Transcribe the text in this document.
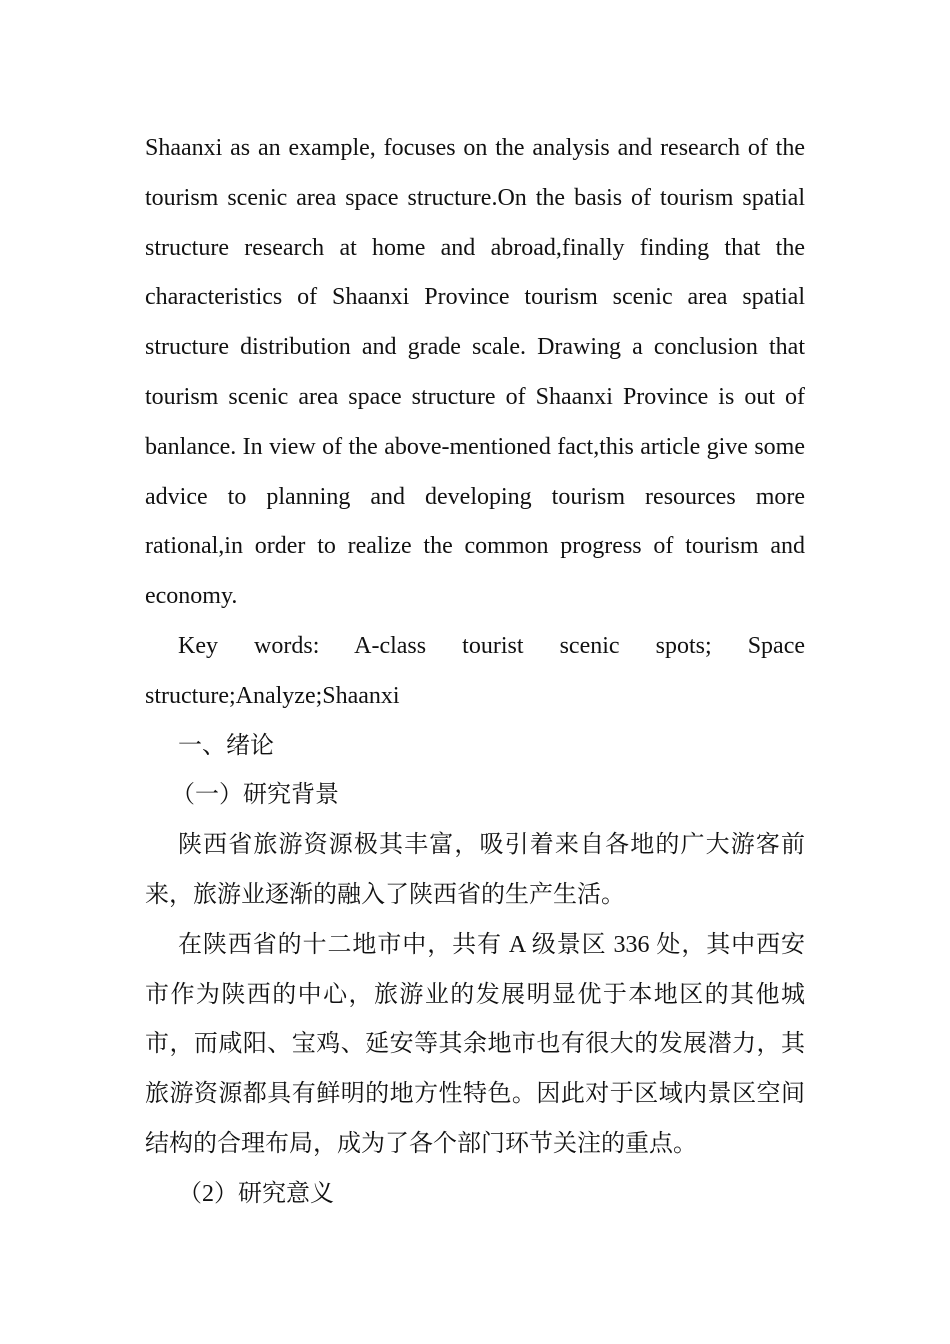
Shaanxi as an example, focuses on the analysis and research of the tourism scenic area space structure.On the basis of tourism spatial structure research at home and abroad,finally finding that the characteristics of Shaanxi Province tourism scenic area spatial structure distribution and grade scale. Drawing a conclusion that tourism scenic area space structure of Shaanxi Province is out of banlance. In view of the above-mentioned fact,this article give some advice to planning and developing tourism resources more rational,in order to realize the common progress of tourism and economy.

Key words: A-class tourist scenic spots; Space structure;Analyze;Shaanxi

一、绪论

（一）研究背景

陕西省旅游资源极其丰富，吸引着来自各地的广大游客前来，旅游业逐渐的融入了陕西省的生产生活。

在陕西省的十二地市中，共有 A 级景区 336 处，其中西安市作为陕西的中心，旅游业的发展明显优于本地区的其他城市，而咸阳、宝鸡、延安等其余地市也有很大的发展潜力，其旅游资源都具有鲜明的地方性特色。因此对于区域内景区空间结构的合理布局，成为了各个部门环节关注的重点。

（2）研究意义
